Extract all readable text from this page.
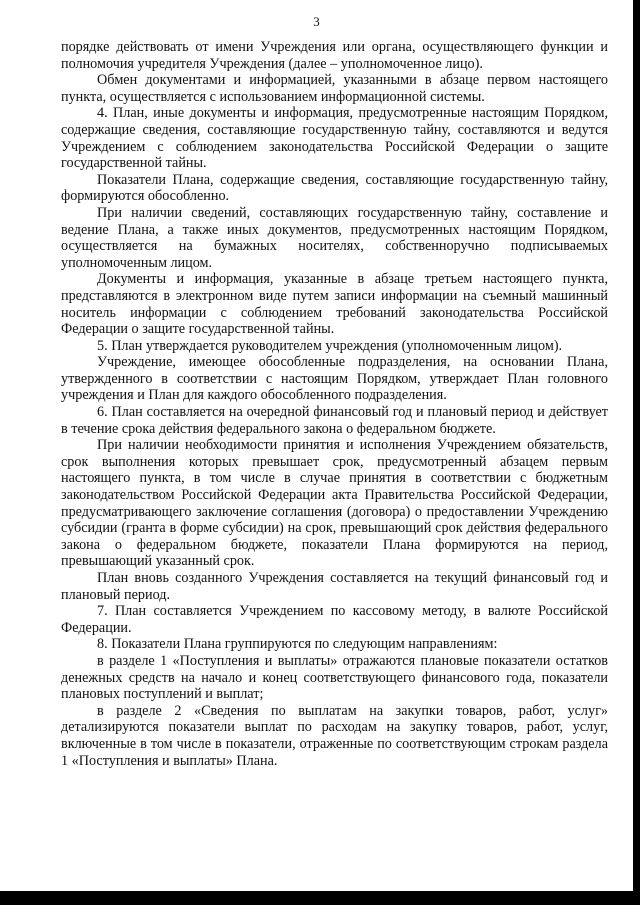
3

порядке действовать от имени Учреждения или органа, осуществляющего функции и полномочия учредителя Учреждения (далее – уполномоченное лицо).

Обмен документами и информацией, указанными в абзаце первом настоящего пункта, осуществляется с использованием информационной системы.

4. План, иные документы и информация, предусмотренные настоящим Порядком, содержащие сведения, составляющие государственную тайну, составляются и ведутся Учреждением с соблюдением законодательства Российской Федерации о защите государственной тайны.

Показатели Плана, содержащие сведения, составляющие государственную тайну, формируются обособленно.

При наличии сведений, составляющих государственную тайну, составление и ведение Плана, а также иных документов, предусмотренных настоящим Порядком, осуществляется на бумажных носителях, собственноручно подписываемых уполномоченным лицом.

Документы и информация, указанные в абзаце третьем настоящего пункта, представляются в электронном виде путем записи информации на съемный машинный носитель информации с соблюдением требований законодательства Российской Федерации о защите государственной тайны.

5. План утверждается руководителем учреждения (уполномоченным лицом).

Учреждение, имеющее обособленные подразделения, на основании Плана, утвержденного в соответствии с настоящим Порядком, утверждает План головного учреждения и План для каждого обособленного подразделения.

6. План составляется на очередной финансовый год и плановый период и действует в течение срока действия федерального закона о федеральном бюджете.

При наличии необходимости принятия и исполнения Учреждением обязательств, срок выполнения которых превышает срок, предусмотренный абзацем первым настоящего пункта, в том числе в случае принятия в соответствии с бюджетным законодательством Российской Федерации акта Правительства Российской Федерации, предусматривающего заключение соглашения (договора) о предоставлении Учреждению субсидии (гранта в форме субсидии) на срок, превышающий срок действия федерального закона о федеральном бюджете, показатели Плана формируются на период, превышающий указанный срок.

План вновь созданного Учреждения составляется на текущий финансовый год и плановый период.

7. План составляется Учреждением по кассовому методу, в валюте Российской Федерации.

8. Показатели Плана группируются по следующим направлениям:

в разделе 1 «Поступления и выплаты» отражаются плановые показатели остатков денежных средств на начало и конец соответствующего финансового года, показатели плановых поступлений и выплат;

в разделе 2 «Сведения по выплатам на закупки товаров, работ, услуг» детализируются показатели выплат по расходам на закупку товаров, работ, услуг, включенные в том числе в показатели, отраженные по соответствующим строкам раздела 1 «Поступления и выплаты» Плана.
